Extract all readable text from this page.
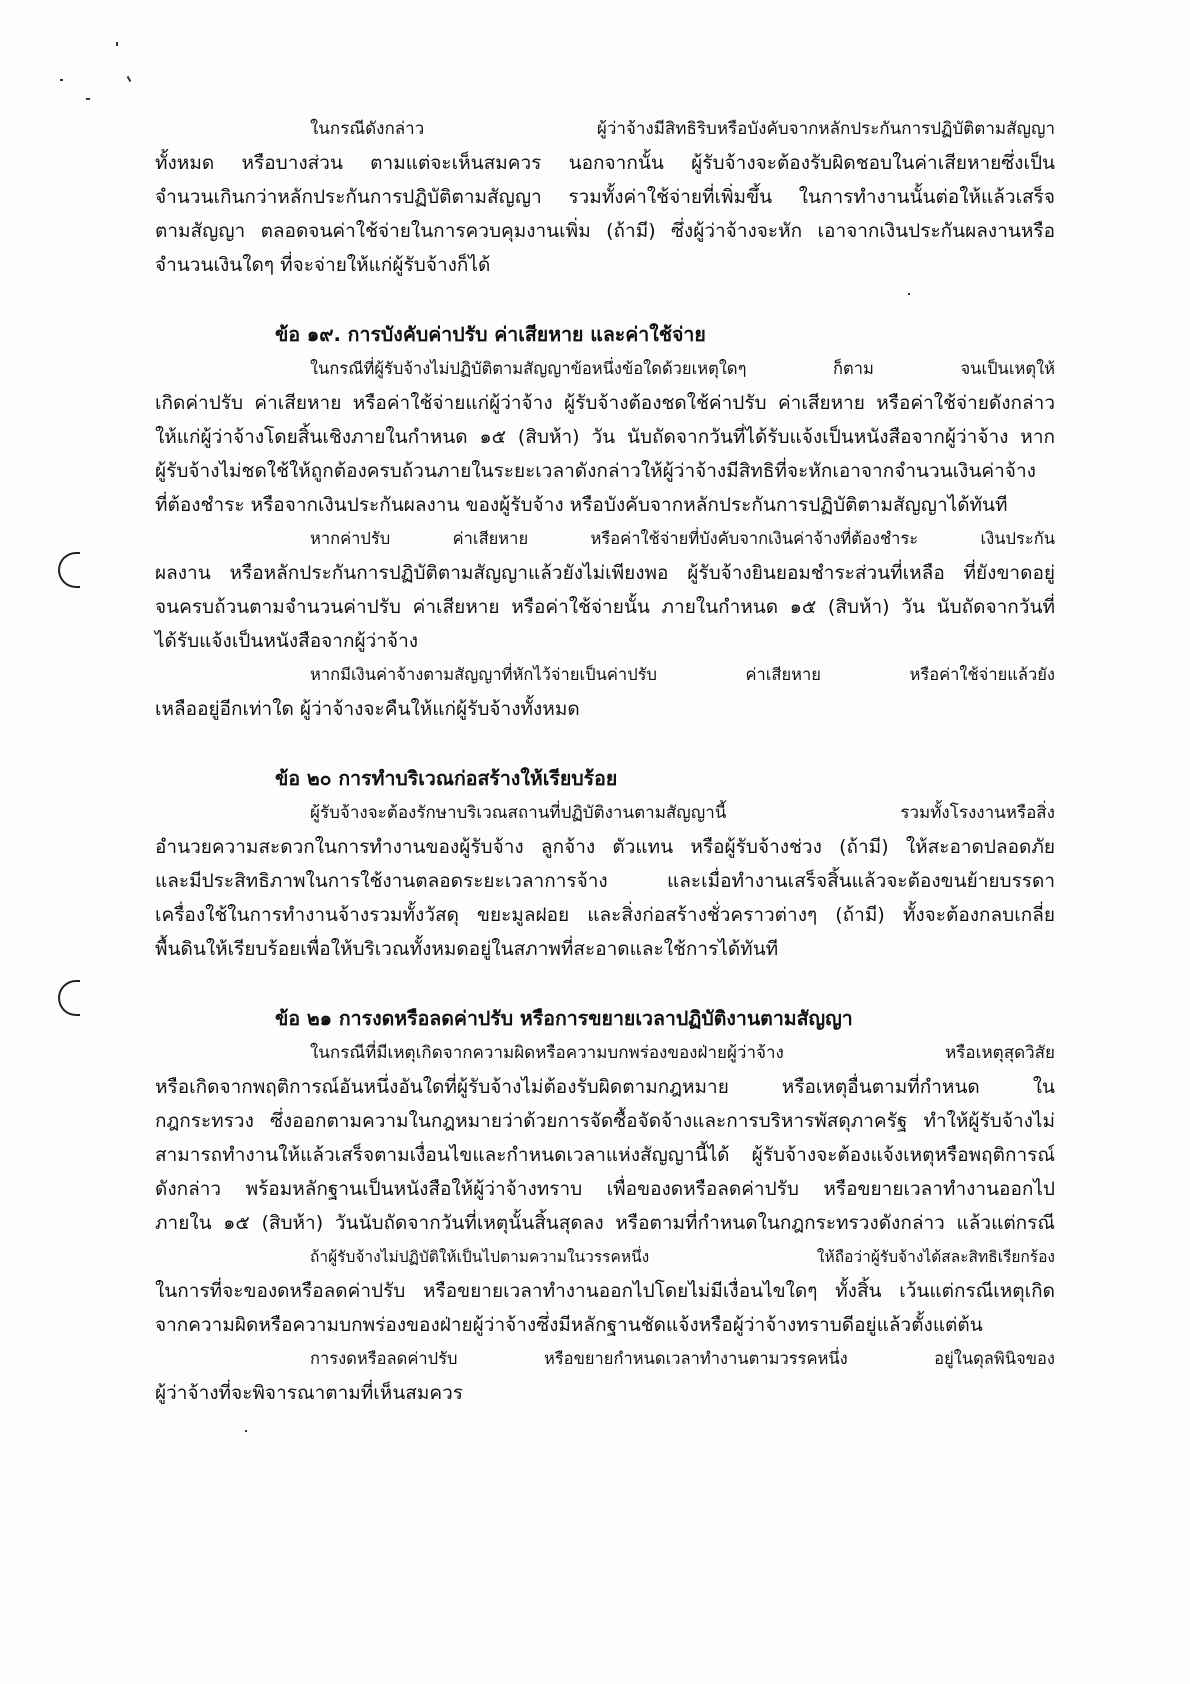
ในกรณีดังกล่าว ผู้ว่าจ้างมีสิทธิริบหรือบังคับจากหลักประกันการปฏิบัติตามสัญญา
ทั้งหมด หรือบางส่วน ตามแต่จะเห็นสมควร นอกจากนั้น ผู้รับจ้างจะต้องรับผิดชอบในค่าเสียหายซึ่งเป็น
จำนวนเกินกว่าหลักประกันการปฏิบัติตามสัญญา รวมทั้งค่าใช้จ่ายที่เพิ่มขึ้น ในการทำงานนั้นต่อให้แล้วเสร็จ
ตามสัญญา ตลอดจนค่าใช้จ่ายในการควบคุมงานเพิ่ม (ถ้ามี) ซึ่งผู้ว่าจ้างจะหัก เอาจากเงินประกันผลงานหรือ
จำนวนเงินใดๆ ที่จะจ่ายให้แก่ผู้รับจ้างก็ได้
ข้อ ๑๙. การบังคับค่าปรับ ค่าเสียหาย และค่าใช้จ่าย
ในกรณีที่ผู้รับจ้างไม่ปฏิบัติตามสัญญาข้อหนึ่งข้อใดด้วยเหตุใดๆ ก็ตาม จนเป็นเหตุให้
เกิดค่าปรับ ค่าเสียหาย หรือค่าใช้จ่ายแก่ผู้ว่าจ้าง ผู้รับจ้างต้องชดใช้ค่าปรับ ค่าเสียหาย หรือค่าใช้จ่ายดังกล่าว
ให้แก่ผู้ว่าจ้างโดยสิ้นเชิงภายในกำหนด ๑๕ (สิบห้า) วัน นับถัดจากวันที่ได้รับแจ้งเป็นหนังสือจากผู้ว่าจ้าง หาก
ผู้รับจ้างไม่ชดใช้ให้ถูกต้องครบถ้วนภายในระยะเวลาดังกล่าวให้ผู้ว่าจ้างมีสิทธิที่จะหักเอาจากจำนวนเงินค่าจ้าง
ที่ต้องชำระ หรือจากเงินประกันผลงาน ของผู้รับจ้าง หรือบังคับจากหลักประกันการปฏิบัติตามสัญญาได้ทันที
หากค่าปรับ ค่าเสียหาย หรือค่าใช้จ่ายที่บังคับจากเงินค่าจ้างที่ต้องชำระ เงินประกัน
ผลงาน หรือหลักประกันการปฏิบัติตามสัญญาแล้วยังไม่เพียงพอ ผู้รับจ้างยินยอมชำระส่วนที่เหลือ ที่ยังขาดอยู่
จนครบถ้วนตามจำนวนค่าปรับ ค่าเสียหาย หรือค่าใช้จ่ายนั้น ภายในกำหนด ๑๕ (สิบห้า) วัน นับถัดจากวันที่
ได้รับแจ้งเป็นหนังสือจากผู้ว่าจ้าง
หากมีเงินค่าจ้างตามสัญญาที่หักไว้จ่ายเป็นค่าปรับ ค่าเสียหาย หรือค่าใช้จ่ายแล้วยัง
เหลืออยู่อีกเท่าใด ผู้ว่าจ้างจะคืนให้แก่ผู้รับจ้างทั้งหมด
ข้อ ๒๐ การทำบริเวณก่อสร้างให้เรียบร้อย
ผู้รับจ้างจะต้องรักษาบริเวณสถานที่ปฏิบัติงานตามสัญญานี้ รวมทั้งโรงงานหรือสิ่ง
อำนวยความสะดวกในการทำงานของผู้รับจ้าง ลูกจ้าง ตัวแทน หรือผู้รับจ้างช่วง (ถ้ามี) ให้สะอาดปลอดภัย
และมีประสิทธิภาพในการใช้งานตลอดระยะเวลาการจ้าง และเมื่อทำงานเสร็จสิ้นแล้วจะต้องขนย้ายบรรดา
เครื่องใช้ในการทำงานจ้างรวมทั้งวัสดุ ขยะมูลฝอย และสิ่งก่อสร้างชั่วคราวต่างๆ (ถ้ามี) ทั้งจะต้องกลบเกลี่ย
พื้นดินให้เรียบร้อยเพื่อให้บริเวณทั้งหมดอยู่ในสภาพที่สะอาดและใช้การได้ทันที
ข้อ ๒๑ การงดหรือลดค่าปรับ หรือการขยายเวลาปฏิบัติงานตามสัญญา
ในกรณีที่มีเหตุเกิดจากความผิดหรือความบกพร่องของฝ่ายผู้ว่าจ้าง หรือเหตุสุดวิสัย
หรือเกิดจากพฤติการณ์อันหนึ่งอันใดที่ผู้รับจ้างไม่ต้องรับผิดตามกฎหมาย หรือเหตุอื่นตามที่กำหนด ใน
กฎกระทรวง ซึ่งออกตามความในกฎหมายว่าด้วยการจัดซื้อจัดจ้างและการบริหารพัสดุภาครัฐ ทำให้ผู้รับจ้างไม่
สามารถทำงานให้แล้วเสร็จตามเงื่อนไขและกำหนดเวลาแห่งสัญญานี้ได้ ผู้รับจ้างจะต้องแจ้งเหตุหรือพฤติการณ์
ดังกล่าว พร้อมหลักฐานเป็นหนังสือให้ผู้ว่าจ้างทราบ เพื่อของดหรือลดค่าปรับ หรือขยายเวลาทำงานออกไป
ภายใน ๑๕ (สิบห้า) วันนับถัดจากวันที่เหตุนั้นสิ้นสุดลง หรือตามที่กำหนดในกฎกระทรวงดังกล่าว แล้วแต่กรณี
ถ้าผู้รับจ้างไม่ปฏิบัติให้เป็นไปตามความในวรรคหนึ่ง ให้ถือว่าผู้รับจ้างได้สละสิทธิเรียกร้อง
ในการที่จะของดหรือลดค่าปรับ หรือขยายเวลาทำงานออกไปโดยไม่มีเงื่อนไขใดๆ ทั้งสิ้น เว้นแต่กรณีเหตุเกิด
จากความผิดหรือความบกพร่องของฝ่ายผู้ว่าจ้างซึ่งมีหลักฐานชัดแจ้งหรือผู้ว่าจ้างทราบดีอยู่แล้วตั้งแต่ต้น
การงดหรือลดค่าปรับ หรือขยายกำหนดเวลาทำงานตามวรรคหนึ่ง อยู่ในดุลพินิจของ
ผู้ว่าจ้างที่จะพิจารณาตามที่เห็นสมควร
